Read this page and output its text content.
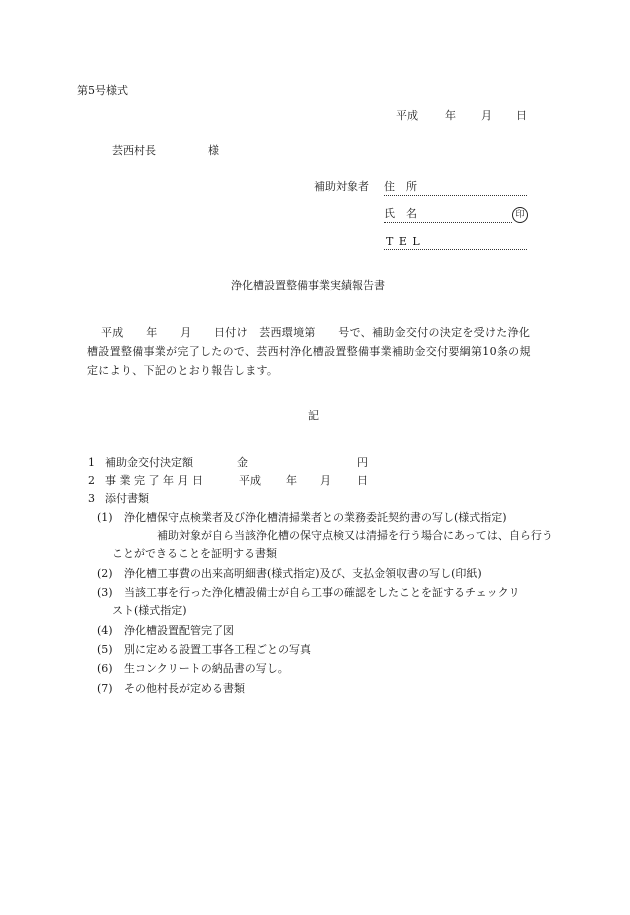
第5号様式
平成 年 月 日
芸西村長	様
補助対象者 住　所
氏　名	印
T E L
浄化槽設置整備事業実績報告書
平成　　年　　月　　日付け　芸西環境第　　号で、補助金交付の決定を受けた浄化
槽設置整備事業が完了したので、芸西村浄化槽設置整備事業補助金交付要綱第10条の規
定により、下記のとおり報告します。
記
1 補助金交付決定額	金	円
2 事 業 完 了 年 月 日	平成 年 月 日
3 添付書類
(1) 浄化槽保守点検業者及び浄化槽清掃業者との業務委託契約書の写し(様式指定)
補助対象が自ら当該浄化槽の保守点検又は清掃を行う場合にあっては、自ら行う
ことができることを証明する書類
(2) 浄化槽工事費の出来高明細書(様式指定)及び、支払金領収書の写し(印紙)
(3) 当該工事を行った浄化槽設備士が自ら工事の確認をしたことを証するチェックリ
スト(様式指定)
(4) 浄化槽設置配管完了図
(5) 別に定める設置工事各工程ごとの写真
(6) 生コンクリートの納品書の写し。
(7) その他村長が定める書類
